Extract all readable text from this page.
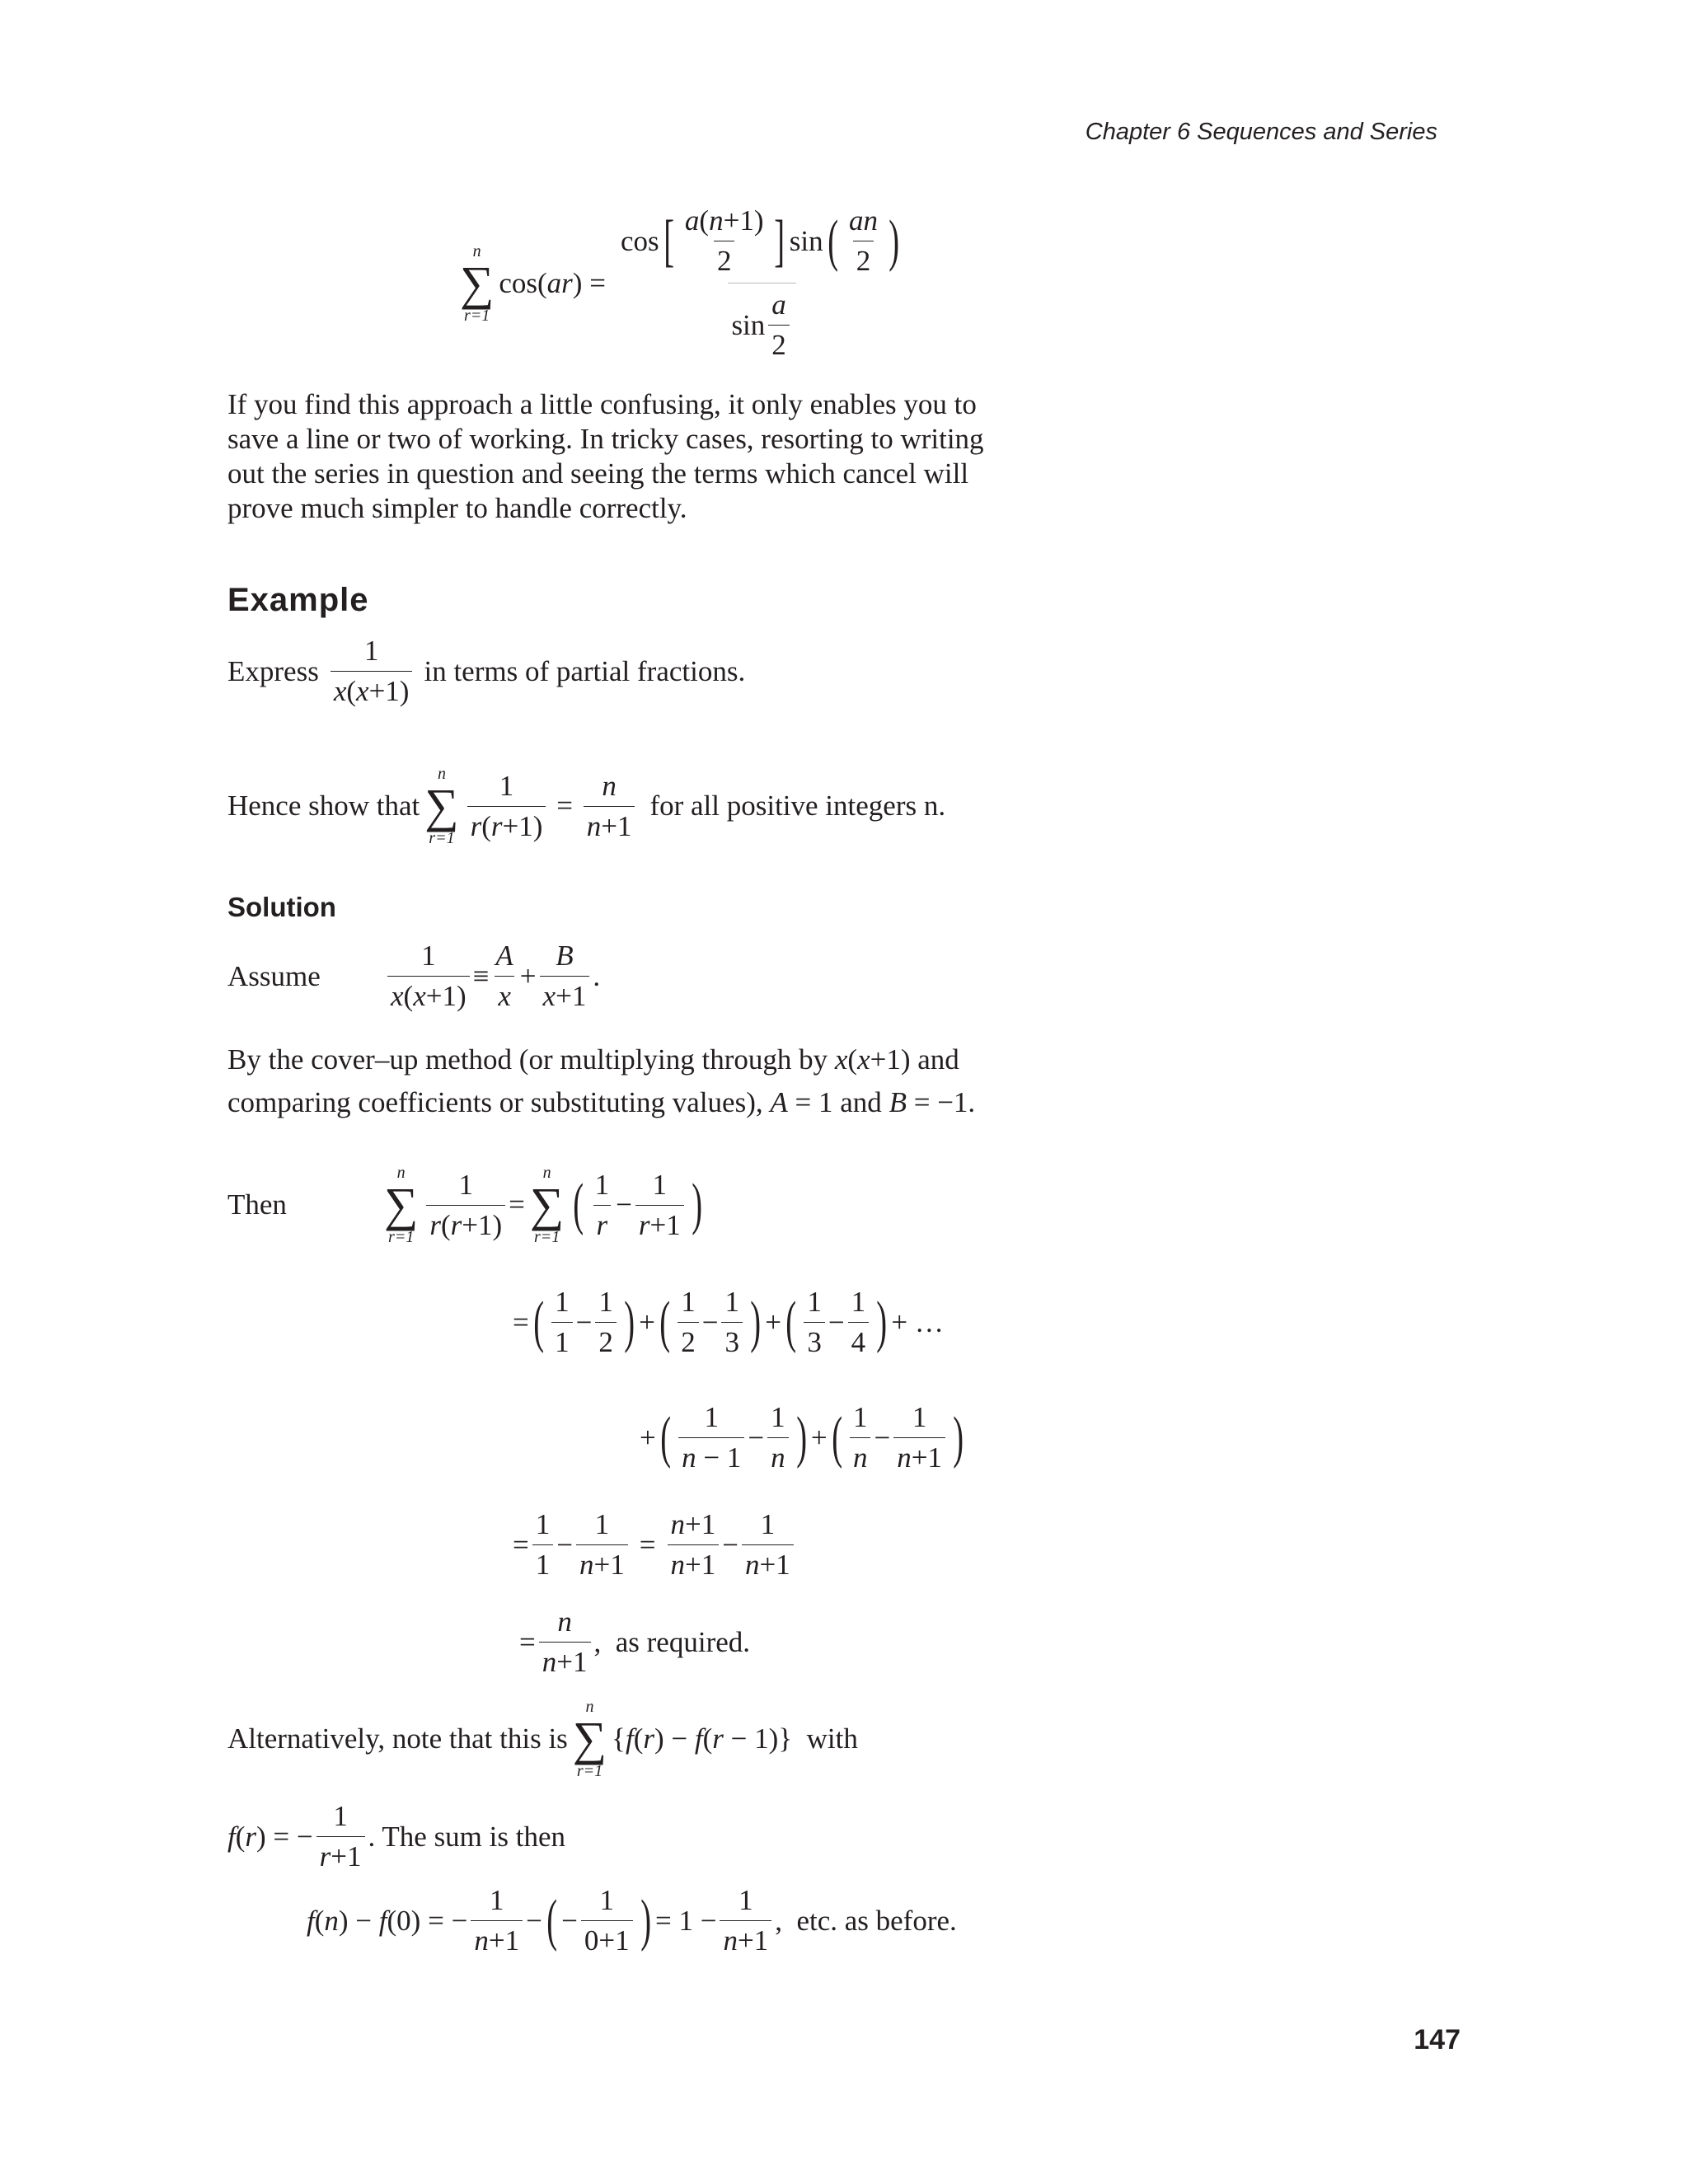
Chapter 6 Sequences and Series
n
∑
r=1
$\cos(ar) = \frac{\cos [ \frac{a(n+1)}{2} ] \sin ( \frac{an}{2} )}{\sin \frac{a}{2}}$
If you find this approach a little confusing, it only enables you to save a line or two of working. In tricky cases, resorting to writing out the series in question and seeing the terms which cancel will prove much simpler to handle correctly.
Example
Express $\frac{1}{x(x+1)}$ in terms of partial fractions.
Hence show that
n
∑
$r=1 \frac{1}{r(r+1)} = \frac{n}{n+1}$ for all positive integers n.
Solution
Assume	$\frac{1}{x(x+1)} \equiv \frac{A}{x} + \frac{B}{x+1}$ .
By the cover–up method (or multiplying through by x(x+1) and
comparing coefficients or substituting values), A = 1 and B = −1.
Then
n
∑
$r=1 \frac{1}{r(r+1)}$ =
n
∑
r=1
( $\frac{1}{r} - \frac{1}{r+1}$ )
= ( $\frac{1}{1} - \frac{1}{2}$ ) + ( $\frac{1}{2} - \frac{1}{3}$ ) + ( $\frac{1}{3} - \frac{1}{4}$ ) + …
+ ( $\frac{1}{n - 1} - \frac{1}{n}$ ) + ( $\frac{1}{n} - \frac{1}{n+1}$ )
= $\frac{1}{1} - \frac{1}{n+1} = \frac{n+1}{n+1} - \frac{1}{n+1}$
= $\frac{n}{n+1}$ , as required.
Alternatively, note that this is
n
∑
r=1
{f(r) − f(r − 1)} with
f(r) = − $\frac{1}{r+1}$ . The sum is then
f(n) − f(0) = − $\frac{1}{n+1}$ − ( − $\frac{1}{0+1}$ ) = $1 - \frac{1}{n+1}$ , etc. as before.
147
